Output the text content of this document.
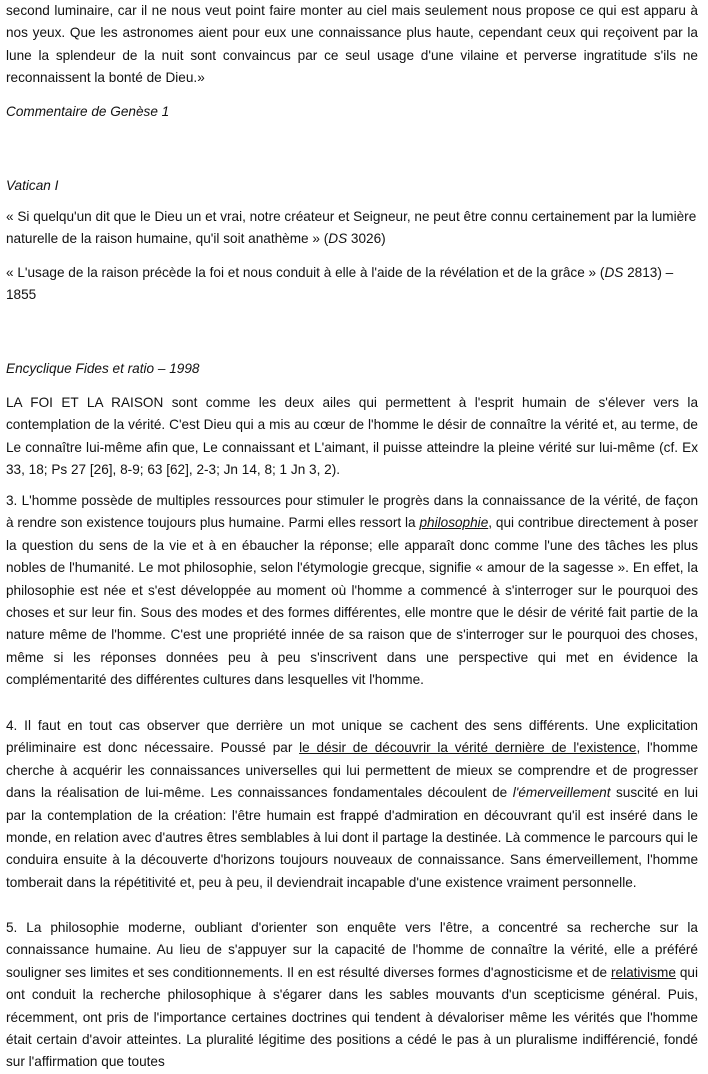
second luminaire, car il ne nous veut point faire monter au ciel mais seulement nous propose ce qui est apparu à nos yeux. Que les astronomes aient pour eux une connaissance plus haute, cependant ceux qui reçoivent par la lune la splendeur de la nuit sont convaincus par ce seul usage d'une vilaine et perverse ingratitude s'ils ne reconnaissent la bonté de Dieu.»

Commentaire de Genèse 1

Vatican I

« Si quelqu'un dit que le Dieu un et vrai, notre créateur et Seigneur, ne peut être connu certainement par la lumière naturelle de la raison humaine, qu'il soit anathème » (DS 3026)

« L'usage de la raison précède la foi et nous conduit à elle à l'aide de la révélation et de la grâce » (DS 2813) – 1855

Encyclique Fides et ratio – 1998

LA FOI ET LA RAISON sont comme les deux ailes qui permettent à l'esprit humain de s'élever vers la contemplation de la vérité. C'est Dieu qui a mis au cœur de l'homme le désir de connaître la vérité et, au terme, de Le connaître lui-même afin que, Le connaissant et L'aimant, il puisse atteindre la pleine vérité sur lui-même (cf. Ex 33, 18; Ps 27 [26], 8-9; 63 [62], 2-3; Jn 14, 8; 1 Jn 3, 2).

3. L'homme possède de multiples ressources pour stimuler le progrès dans la connaissance de la vérité, de façon à rendre son existence toujours plus humaine. Parmi elles ressort la philosophie, qui contribue directement à poser la question du sens de la vie et à en ébaucher la réponse; elle apparaît donc comme l'une des tâches les plus nobles de l'humanité. Le mot philosophie, selon l'étymologie grecque, signifie « amour de la sagesse ». En effet, la philosophie est née et s'est développée au moment où l'homme a commencé à s'interroger sur le pourquoi des choses et sur leur fin. Sous des modes et des formes différentes, elle montre que le désir de vérité fait partie de la nature même de l'homme. C'est une propriété innée de sa raison que de s'interroger sur le pourquoi des choses, même si les réponses données peu à peu s'inscrivent dans une perspective qui met en évidence la complémentarité des différentes cultures dans lesquelles vit l'homme.

4. Il faut en tout cas observer que derrière un mot unique se cachent des sens différents. Une explicitation préliminaire est donc nécessaire. Poussé par le désir de découvrir la vérité dernière de l'existence, l'homme cherche à acquérir les connaissances universelles qui lui permettent de mieux se comprendre et de progresser dans la réalisation de lui-même. Les connaissances fondamentales découlent de l'émerveillement suscité en lui par la contemplation de la création: l'être humain est frappé d'admiration en découvrant qu'il est inséré dans le monde, en relation avec d'autres êtres semblables à lui dont il partage la destinée. Là commence le parcours qui le conduira ensuite à la découverte d'horizons toujours nouveaux de connaissance. Sans émerveillement, l'homme tomberait dans la répétitivité et, peu à peu, il deviendrait incapable d'une existence vraiment personnelle.

5. La philosophie moderne, oubliant d'orienter son enquête vers l'être, a concentré sa recherche sur la connaissance humaine. Au lieu de s'appuyer sur la capacité de l'homme de connaître la vérité, elle a préféré souligner ses limites et ses conditionnements. Il en est résulté diverses formes d'agnosticisme et de relativisme qui ont conduit la recherche philosophique à s'égarer dans les sables mouvants d'un scepticisme général. Puis, récemment, ont pris de l'importance certaines doctrines qui tendent à dévaloriser même les vérités que l'homme était certain d'avoir atteintes. La pluralité légitime des positions a cédé le pas à un pluralisme indifférencié, fondé sur l'affirmation que toutes
